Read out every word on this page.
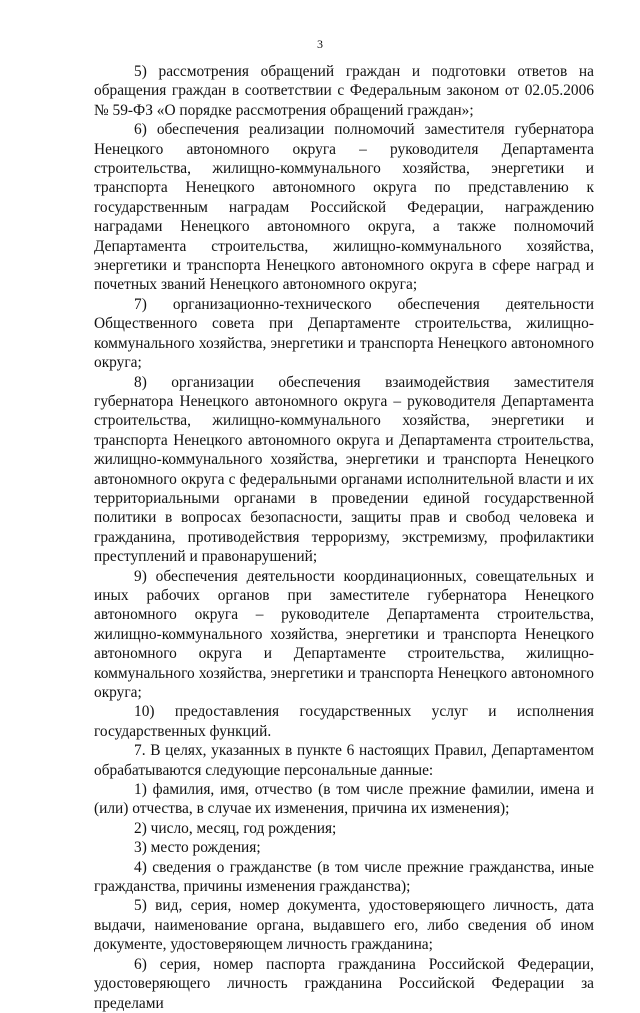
3

5) рассмотрения обращений граждан и подготовки ответов на обращения граждан в соответствии с Федеральным законом от 02.05.2006 № 59-ФЗ «О порядке рассмотрения обращений граждан»;

6) обеспечения реализации полномочий заместителя губернатора Ненецкого автономного округа – руководителя Департамента строительства, жилищно-коммунального хозяйства, энергетики и транспорта Ненецкого автономного округа по представлению к государственным наградам Российской Федерации, награждению наградами Ненецкого автономного округа, а также полномочий Департамента строительства, жилищно-коммунального хозяйства, энергетики и транспорта Ненецкого автономного округа в сфере наград и почетных званий Ненецкого автономного округа;

7) организационно-технического обеспечения деятельности Общественного совета при Департаменте строительства, жилищно-коммунального хозяйства, энергетики и транспорта Ненецкого автономного округа;

8) организации обеспечения взаимодействия заместителя губернатора Ненецкого автономного округа – руководителя Департамента строительства, жилищно-коммунального хозяйства, энергетики и транспорта Ненецкого автономного округа и Департамента строительства, жилищно-коммунального хозяйства, энергетики и транспорта Ненецкого автономного округа с федеральными органами исполнительной власти и их территориальными органами в проведении единой государственной политики в вопросах безопасности, защиты прав и свобод человека и гражданина, противодействия терроризму, экстремизму, профилактики преступлений и правонарушений;

9) обеспечения деятельности координационных, совещательных и иных рабочих органов при заместителе губернатора Ненецкого автономного округа – руководителе Департамента строительства, жилищно-коммунального хозяйства, энергетики и транспорта Ненецкого автономного округа и Департаменте строительства, жилищно-коммунального хозяйства, энергетики и транспорта Ненецкого автономного округа;

10) предоставления государственных услуг и исполнения государственных функций.

7. В целях, указанных в пункте 6 настоящих Правил, Департаментом обрабатываются следующие персональные данные:

1) фамилия, имя, отчество (в том числе прежние фамилии, имена и (или) отчества, в случае их изменения, причина их изменения);

2) число, месяц, год рождения;

3) место рождения;

4) сведения о гражданстве (в том числе прежние гражданства, иные гражданства, причины изменения гражданства);

5) вид, серия, номер документа, удостоверяющего личность, дата выдачи, наименование органа, выдавшего его, либо сведения об ином документе, удостоверяющем личность гражданина;

6) серия, номер паспорта гражданина Российской Федерации, удостоверяющего личность гражданина Российской Федерации за пределами
